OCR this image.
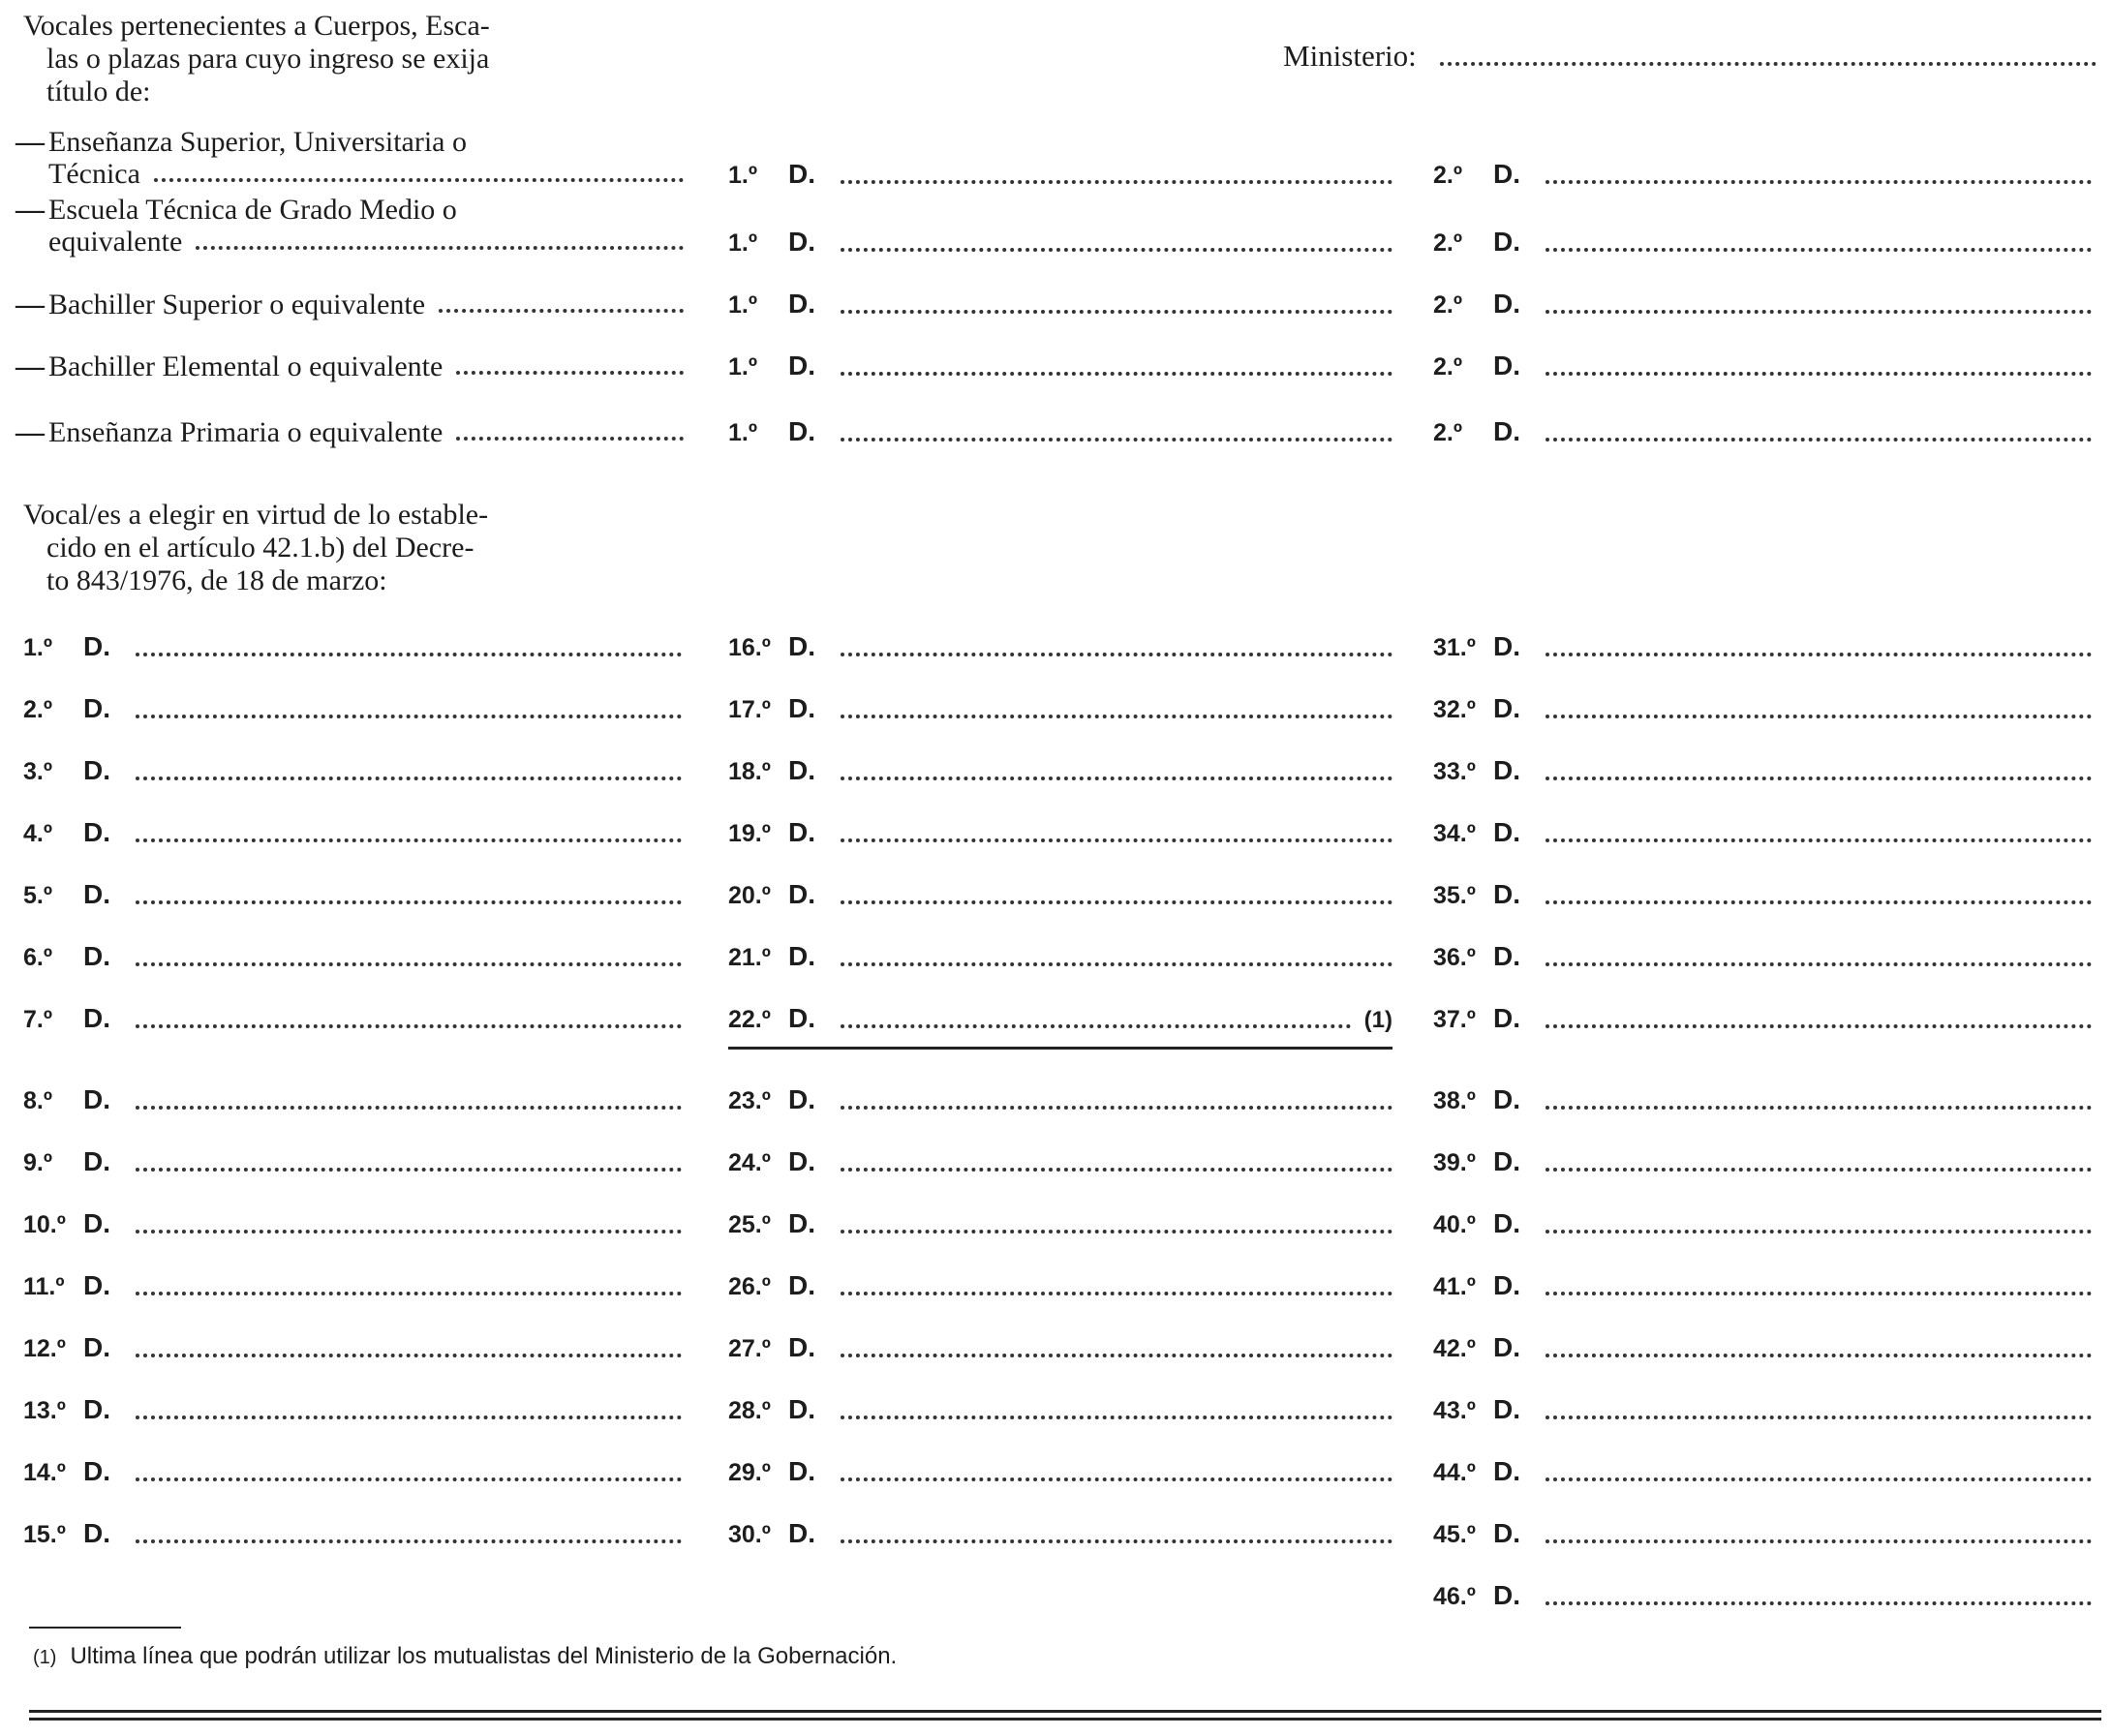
Vocales pertenecientes a Cuerpos, Esca-
las o plazas para cuyo ingreso se exija
título de:
Ministerio:
— Enseñanza Superior, Universitaria o
Técnica	1.º	D.	2.º	D.
— Escuela Técnica de Grado Medio o
equivalente	1.º	D.	2.º	D.
— Bachiller Superior o equivalente	1.º	D.	2.º	D.
— Bachiller Elemental o equivalente	1.º	D.	2.º	D.
— Enseñanza Primaria o equivalente	1.º	D.	2.º	D.
Vocal/es a elegir en virtud de lo estable-
cido en el artículo 42.1.b) del Decre-
to 843/1976, de 18 de marzo:
1.º	D.
2.º	D.
3.º	D.
4.º	D.
5.º	D.
6.º	D.
7.º	D.
8.º	D.
9.º	D.
10.º D.
11.º D.
12.º D.
13.º D.
14.º D.
15.º D.
16.º D.
17.º D.
18.º D.
19.º D.
20.º D.
21.º D.
22.º D.	(1)
23.º D.
24.º D.
25.º D.
26.º D.
27.º D.
28.º D.
29.º D.
30.º D.
31.º D.
32.º D.
33.º D.
34.º D.
35.º D.
36.º D.
37.º D.
38.º D.
39.º D.
40.º D.
41.º D.
42.º D.
43.º D.
44.º D.
45.º D.
46.º D.
(1) Ultima línea que podrán utilizar los mutualistas del Ministerio de la Gobernación.
